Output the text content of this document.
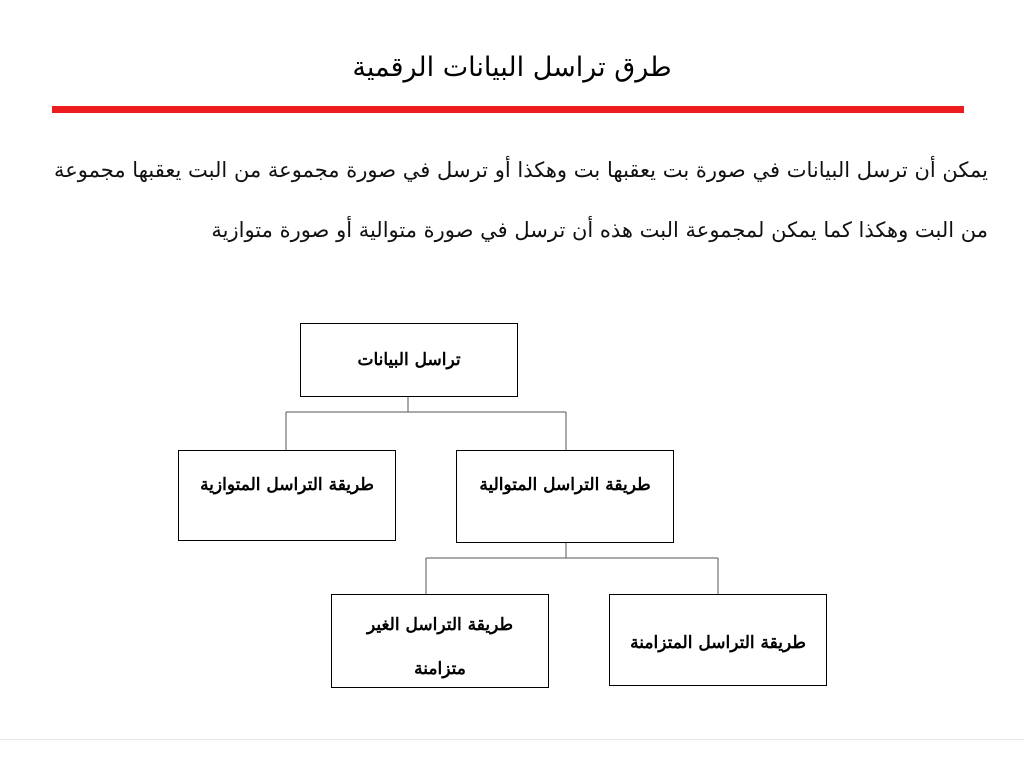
طرق تراسل البيانات الرقمية
يمكن أن ترسل البيانات في صورة بت يعقبها بت وهكذا أو ترسل في صورة مجموعة من البت يعقبها مجموعة من البت وهكذا كما يمكن لمجموعة البت هذه أن ترسل في صورة متوالية أو صورة متوازية
تراسل البيانات
طريقة التراسل المتوازية	طريقة التراسل المتوالية
طريقة التراسل الغير متزامنة
طريقة التراسل المتزامنة
